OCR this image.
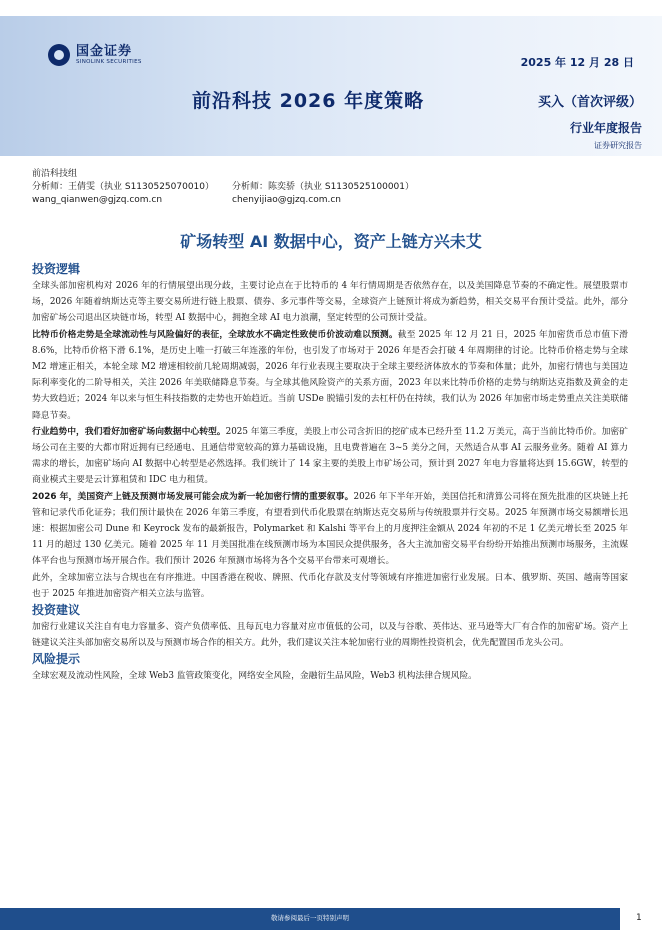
国金证券
SINOLINK SECURITIES	2025 年 12 月 28 日
前沿科技 2026 年度策略	买入（首次评级）
行业年度报告
证券研究报告
前沿科技组
分析师：王倩雯（执业 S1130525070010）	分析师：陈奕骄（执业 S1130525100001）
wang_qianwen@gjzq.com.cn	chenyijiao@gjzq.com.cn
矿场转型 AI 数据中心，资产上链方兴未艾
投资逻辑

全球头部加密机构对 2026 年的行情展望出现分歧，主要讨论点在于比特币的 4 年行情周期是否依然存在，以及美国降息节奏的不确定性。展望股票市场，2026 年随着纳斯达克等主要交易所进行链上股票、债券、多元事件等交易，全球资产上链预计将成为新趋势，相关交易平台预计受益。此外，部分加密矿场公司退出区块链市场，转型 AI 数据中心，拥抱全球 AI 电力浪潮，坚定转型的公司预计受益。

比特币价格走势是全球流动性与风险偏好的表征，全球放水不确定性致使币价波动难以预测。截至 2025 年 12 月 21 日，2025 年加密货币总市值下滑 8.6%，比特币价格下滑 6.1%，是历史上唯一打破三年连涨的年份，也引发了市场对于 2026 年是否会打破 4 年周期律的讨论。比特币价格走势与全球 M2 增速正相关，本轮全球 M2 增速相较前几轮周期减弱，2026 年行业表现主要取决于全球主要经济体放水的节奏和体量；此外，加密行情也与美国边际利率变化的二阶导相关，关注 2026 年美联储降息节奏。与全球其他风险资产的关系方面，2023 年以来比特币价格的走势与纳斯达克指数及黄金的走势大致趋近；2024 年以来与恒生科技指数的走势也开始趋近。当前 USDe 脱锚引发的去杠杆仍在持续，我们认为 2026 年加密市场走势重点关注美联储降息节奏。

行业趋势中，我们看好加密矿场向数据中心转型。2025 年第三季度，美股上市公司含折旧的挖矿成本已经升至 11.2 万美元，高于当前比特币价。加密矿场公司在主要的大都市附近拥有已经通电、且通信带宽较高的算力基础设施，且电费普遍在 3~5 美分之间，天然适合从事 AI 云服务业务。随着 AI 算力需求的增长，加密矿场向 AI 数据中心转型是必然选择。我们统计了 14 家主要的美股上市矿场公司，预计到 2027 年电力容量将达到 15.6GW，转型的商业模式主要是云计算租赁和 IDC 电力租赁。

2026 年，美国资产上链及预测市场发展可能会成为新一轮加密行情的重要叙事。2026 年下半年开始，美国信托和清算公司将在预先批准的区块链上托管和记录代币化证券；我们预计最快在 2026 年第三季度，有望看到代币化股票在纳斯达克交易所与传统股票并行交易。2025 年预测市场交易额增长迅速：根据加密公司 Dune 和 Keyrock 发布的最新报告，Polymarket 和 Kalshi 等平台上的月度押注金额从 2024 年初的不足 1 亿美元增长至 2025 年 11 月的超过 130 亿美元。随着 2025 年 11 月美国批准在线预测市场为本国民众提供服务，各大主流加密交易平台纷纷开始推出预测市场服务，主流媒体平台也与预测市场开展合作。我们预计 2026 年预测市场将为各个交易平台带来可观增长。

此外，全球加密立法与合规也在有序推进。中国香港在税收、牌照、代币化存款及支付等领域有序推进加密行业发展。日本、俄罗斯、英国、越南等国家也于 2025 年推进加密资产相关立法与监管。

投资建议

加密行业建议关注自有电力容量多、资产负债率低、且每瓦电力容量对应市值低的公司，以及与谷歌、英伟达、亚马逊等大厂有合作的加密矿场。资产上链建议关注头部加密交易所以及与预测市场合作的相关方。此外，我们建议关注本轮加密行业的周期性投资机会，优先配置国币龙头公司。

风险提示

全球宏观及流动性风险，全球 Web3 监管政策变化，网络安全风险，金融衍生品风险，Web3 机构法律合规风险。

敬请参阅最后一页特别声明	1
